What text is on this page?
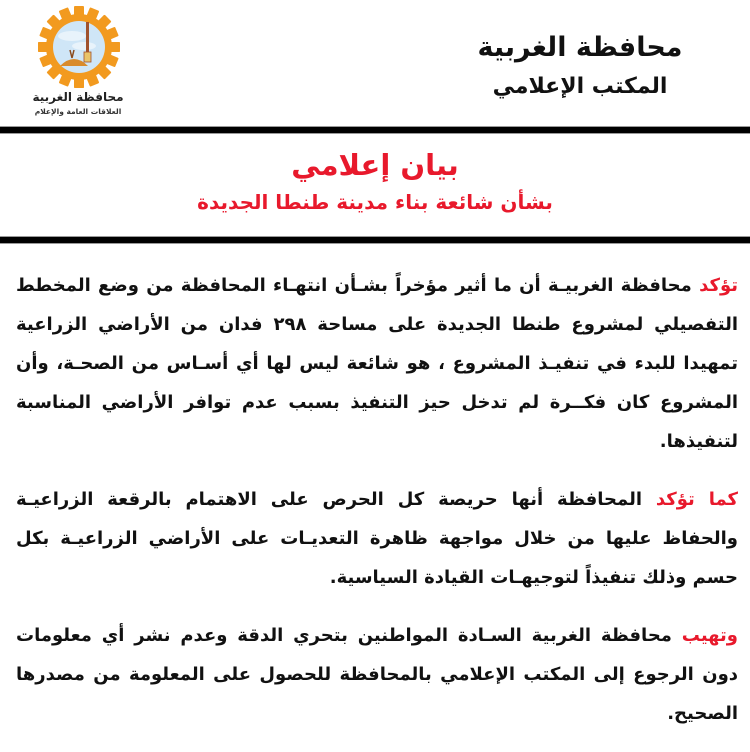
محافظة الغربية
العلاقات العامة والإعلام
محافظة الغربية
المكتب الإعلامي
بيان إعلامي
بشأن شائعة بناء مدينة طنطا الجديدة

تؤكد محافظة الغربيـة أن ما أثير مؤخراً بشـأن انتهـاء المحافظة من وضع المخطط التفصيلي لمشروع طنطا الجديدة على مساحة ٢٩٨ فدان من الأراضي الزراعية تمهيدا للبدء في تنفيـذ المشروع ، هو شائعة ليس لها أي أسـاس من الصحـة، وأن المشروع كان فكــرة لم تدخل حيز التنفيذ بسبب عدم توافر الأراضي المناسبة لتنفيذها.

كما تؤكد المحافظة أنها حريصة كل الحرص على الاهتمام بالرقعة الزراعيـة والحفاظ عليها من خلال مواجهة ظاهرة التعديـات على الأراضي الزراعيـة بكل حسم وذلك تنفيذاً لتوجيهـات القيادة السياسية.

وتهيب محافظة الغربية السـادة المواطنين بتحري الدقة وعدم نشر أي معلومات دون الرجوع إلى المكتب الإعلامي بالمحافظة للحصول على المعلومة من مصدرها الصحيح.
